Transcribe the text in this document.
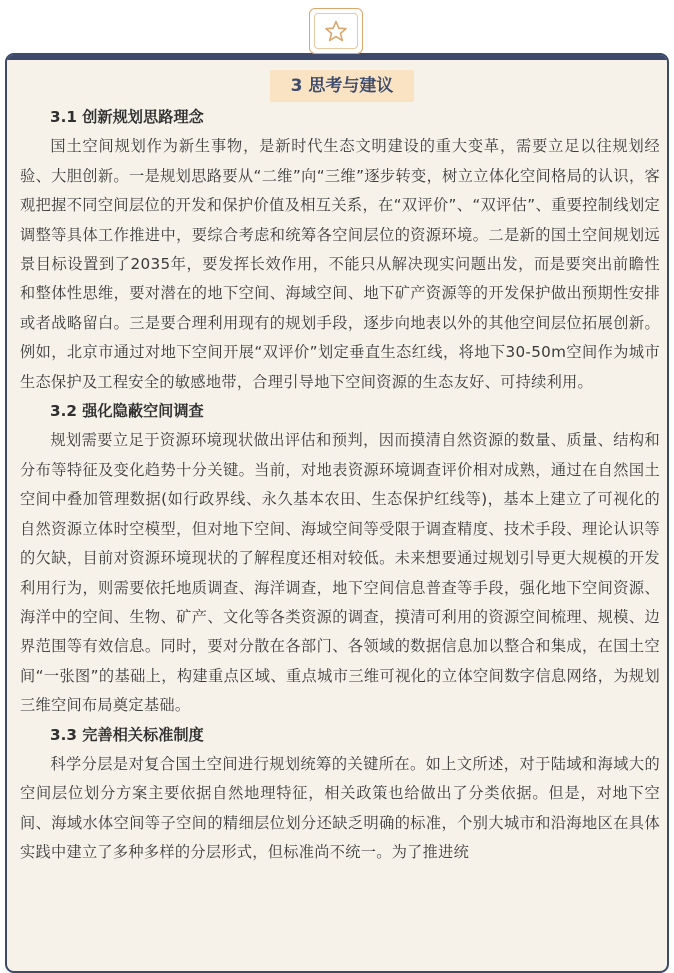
3 思考与建议
3.1 创新规划思路理念

国土空间规划作为新生事物，是新时代生态文明建设的重大变革，需要立足以往规划经验、大胆创新。一是规划思路要从“二维”向“三维”逐步转变，树立立体化空间格局的认识，客观把握不同空间层位的开发和保护价值及相互关系，在“双评价”、“双评估”、重要控制线划定调整等具体工作推进中，要综合考虑和统筹各空间层位的资源环境。二是新的国土空间规划远景目标设置到了2035年，要发挥长效作用，不能只从解决现实问题出发，而是要突出前瞻性和整体性思维，要对潜在的地下空间、海域空间、地下矿产资源等的开发保护做出预期性安排或者战略留白。三是要合理利用现有的规划手段，逐步向地表以外的其他空间层位拓展创新。例如，北京市通过对地下空间开展“双评价”划定垂直生态红线，将地下30-50m空间作为城市生态保护及工程安全的敏感地带，合理引导地下空间资源的生态友好、可持续利用。

3.2 强化隐蔽空间调查

规划需要立足于资源环境现状做出评估和预判，因而摸清自然资源的数量、质量、结构和分布等特征及变化趋势十分关键。当前，对地表资源环境调查评价相对成熟，通过在自然国土空间中叠加管理数据(如行政界线、永久基本农田、生态保护红线等)，基本上建立了可视化的自然资源立体时空模型，但对地下空间、海域空间等受限于调查精度、技术手段、理论认识等的欠缺，目前对资源环境现状的了解程度还相对较低。未来想要通过规划引导更大规模的开发利用行为，则需要依托地质调查、海洋调查，地下空间信息普查等手段，强化地下空间资源、海洋中的空间、生物、矿产、文化等各类资源的调查，摸清可利用的资源空间梳理、规模、边界范围等有效信息。同时，要对分散在各部门、各领域的数据信息加以整合和集成，在国土空间“一张图”的基础上，构建重点区域、重点城市三维可视化的立体空间数字信息网络，为规划三维空间布局奠定基础。

3.3 完善相关标准制度

科学分层是对复合国土空间进行规划统筹的关键所在。如上文所述，对于陆域和海域大的空间层位划分方案主要依据自然地理特征，相关政策也给做出了分类依据。但是，对地下空间、海域水体空间等子空间的精细层位划分还缺乏明确的标准，个别大城市和沿海地区在具体实践中建立了多种多样的分层形式，但标准尚不统一。为了推进统
